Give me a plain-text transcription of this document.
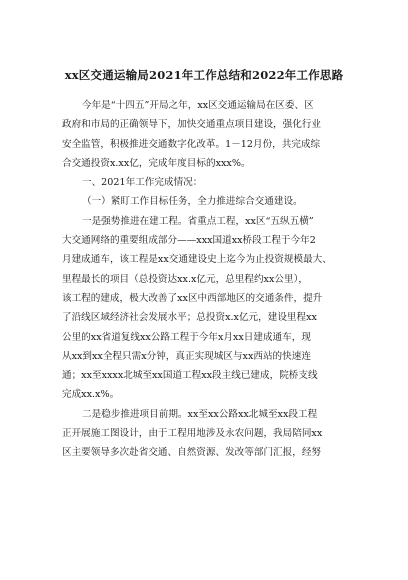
xx区交通运输局2021年工作总结和2022年工作思路
今年是“十四五”开局之年，xx区交通运输局在区委、区
政府和市局的正确领导下，加快交通重点项目建设，强化行业
安全监管，积极推进交通数字化改革。1－12月份，共完成综
合交通投资x.xx亿，完成年度目标的xxx%。
一、2021年工作完成情况：
（一）紧盯工作目标任务，全力推进综合交通建设。
一是强势推进在建工程。省重点工程，xx区“五纵五横”
大交通网络的重要组成部分——xxx国道xx桥段工程于今年2
月建成通车，该工程是xx交通建设史上迄今为止投资规模最大、
里程最长的项目（总投资达xx.x亿元，总里程约xx公里），
该工程的建成，极大改善了xx区中西部地区的交通条件，提升
了沿线区域经济社会发展水平；总投资x.x亿元，建设里程xx
公里的xx省道复线xx公路工程于今年x月xx日建成通车，现
从xx到xx全程只需x分钟，真正实现城区与xx西站的快速连
通；xx至xxxx北城至xx国道工程xx段主线已建成，院桥支线
完成xx.x%。
二是稳步推进项目前期。xx至xx公路xx北城至xx段工程
正开展施工图设计，由于工程用地涉及永农问题，我局陪同xx
区主要领导多次赴省交通、自然资源、发改等部门汇报，经努
